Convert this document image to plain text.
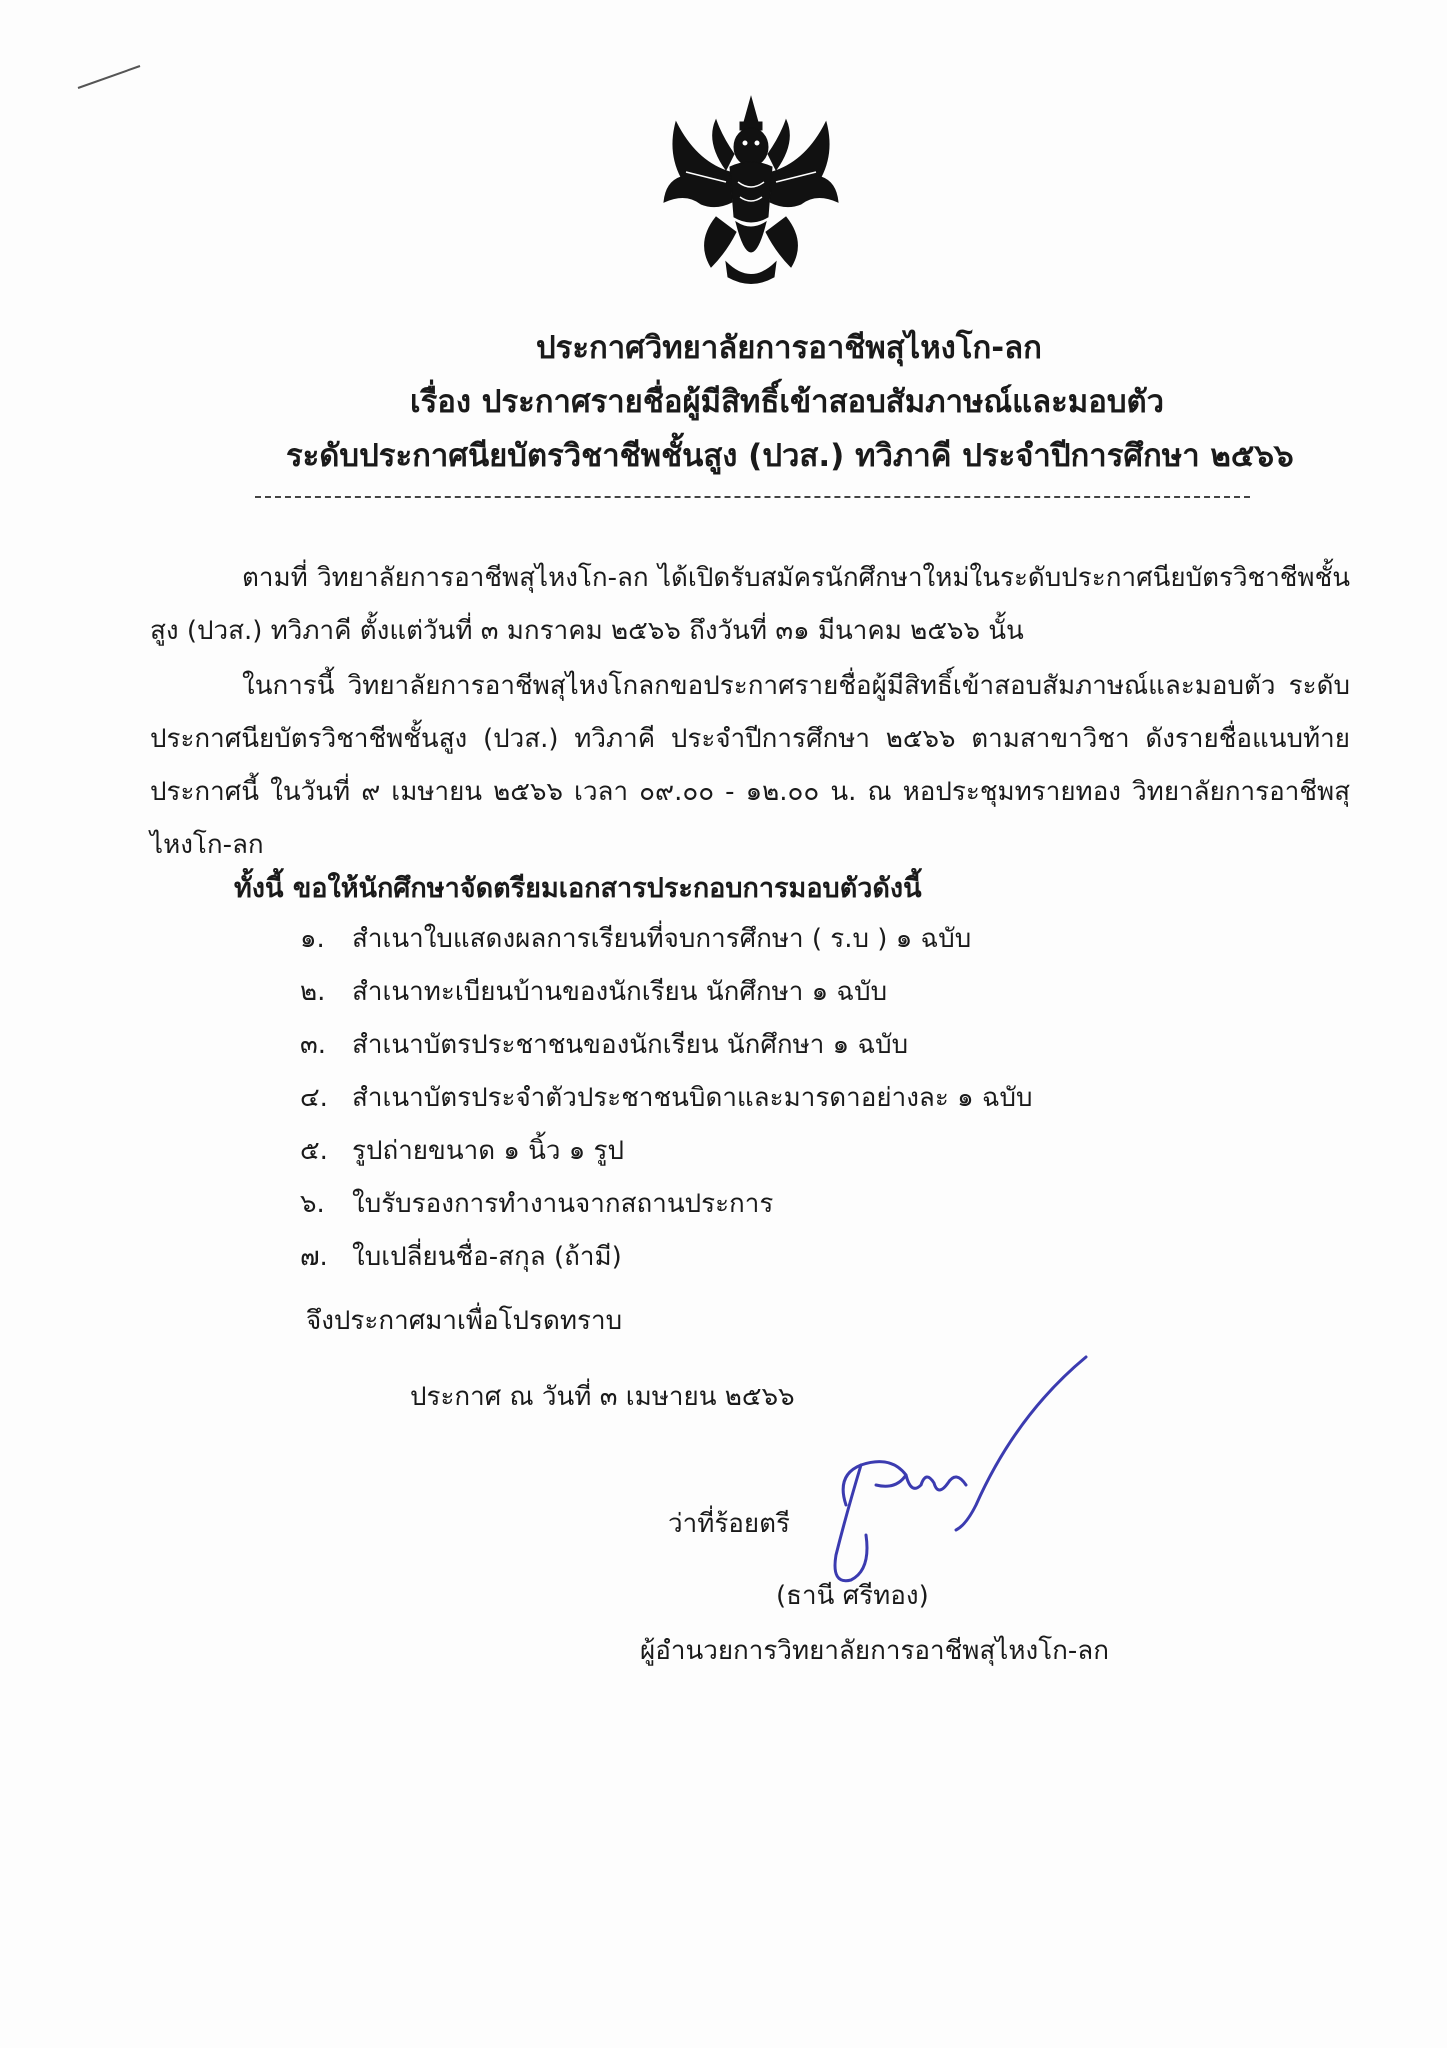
ประกาศวิทยาลัยการอาชีพสุไหงโก-ลก
เรื่อง ประกาศรายชื่อผู้มีสิทธิ์เข้าสอบสัมภาษณ์และมอบตัว
ระดับประกาศนียบัตรวิชาชีพชั้นสูง (ปวส.) ทวิภาคี ประจำปีการศึกษา ๒๕๖๖
ตามที่ วิทยาลัยการอาชีพสุไหงโก-ลก ได้เปิดรับสมัครนักศึกษาใหม่ในระดับประกาศนียบัตรวิชาชีพชั้นสูง (ปวส.) ทวิภาคี ตั้งแต่วันที่ ๓ มกราคม ๒๕๖๖ ถึงวันที่ ๓๑ มีนาคม ๒๕๖๖ นั้น
ในการนี้ วิทยาลัยการอาชีพสุไหงโกลกขอประกาศรายชื่อผู้มีสิทธิ์เข้าสอบสัมภาษณ์และมอบตัว ระดับประกาศนียบัตรวิชาชีพชั้นสูง (ปวส.) ทวิภาคี ประจำปีการศึกษา ๒๕๖๖ ตามสาขาวิชา ดังรายชื่อแนบท้ายประกาศนี้ ในวันที่ ๙ เมษายน ๒๕๖๖ เวลา ๐๙.๐๐ - ๑๒.๐๐ น. ณ หอประชุมทรายทอง วิทยาลัยการอาชีพสุไหงโก-ลก
ทั้งนี้ ขอให้นักศึกษาจัดตรียมเอกสารประกอบการมอบตัวดังนี้
๑. สำเนาใบแสดงผลการเรียนที่จบการศึกษา ( ร.บ ) ๑ ฉบับ
๒. สำเนาทะเบียนบ้านของนักเรียน นักศึกษา ๑ ฉบับ
๓. สำเนาบัตรประชาชนของนักเรียน นักศึกษา ๑ ฉบับ
๔. สำเนาบัตรประจำตัวประชาชนบิดาและมารดาอย่างละ ๑ ฉบับ
๕. รูปถ่ายขนาด ๑ นิ้ว ๑ รูป
๖. ใบรับรองการทำงานจากสถานประการ
๗. ใบเปลี่ยนชื่อ-สกุล (ถ้ามี)
จึงประกาศมาเพื่อโปรดทราบ
ประกาศ ณ วันที่ ๓ เมษายน ๒๕๖๖
ว่าที่ร้อยตรี
(ธานี ศรีทอง)
ผู้อำนวยการวิทยาลัยการอาชีพสุไหงโก-ลก
